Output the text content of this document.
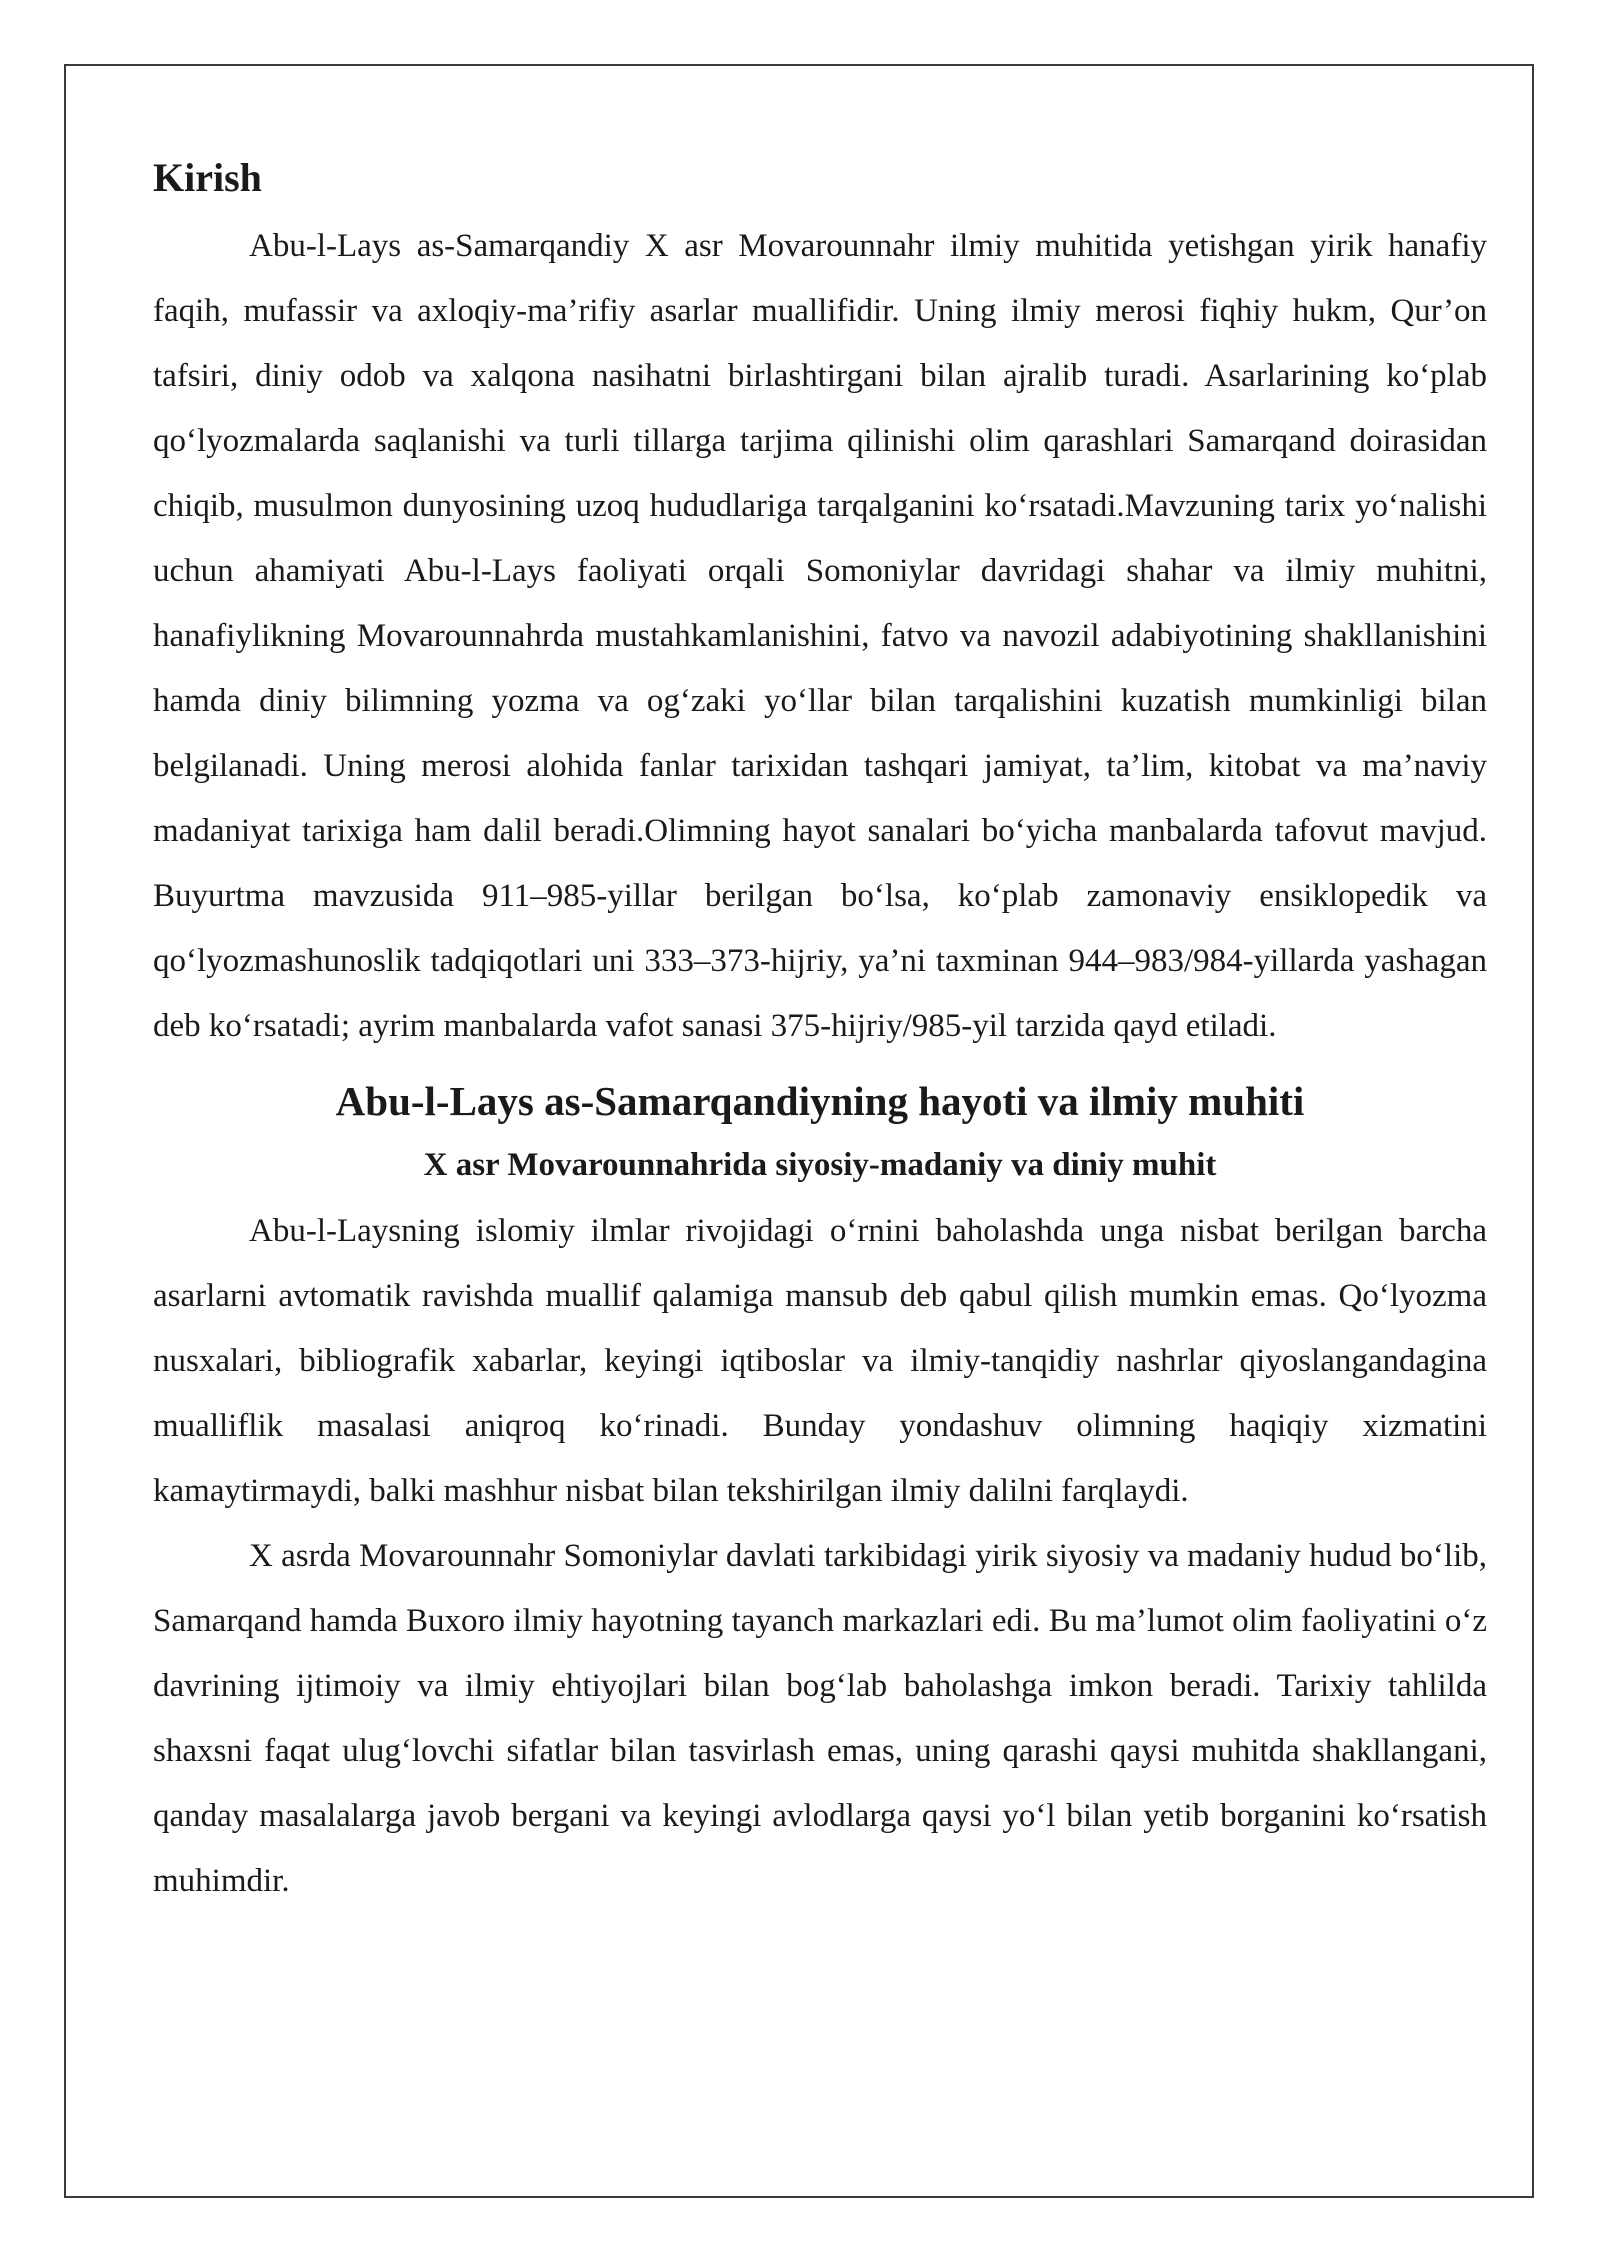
Kirish

Abu-l-Lays as-Samarqandiy X asr Movarounnahr ilmiy muhitida yetishgan yirik hanafiy faqih, mufassir va axloqiy-ma’rifiy asarlar muallifidir. Uning ilmiy merosi fiqhiy hukm, Qur’on tafsiri, diniy odob va xalqona nasihatni birlashtirgani bilan ajralib turadi. Asarlarining ko‘plab qo‘lyozmalarda saqlanishi va turli tillarga tarjima qilinishi olim qarashlari Samarqand doirasidan chiqib, musulmon dunyosining uzoq hududlariga tarqalganini ko‘rsatadi.Mavzuning tarix yo‘nalishi uchun ahamiyati Abu-l-Lays faoliyati orqali Somoniylar davridagi shahar va ilmiy muhitni, hanafiylikning Movarounnahrda mustahkamlanishini, fatvo va navozil adabiyotining shakllanishini hamda diniy bilimning yozma va og‘zaki yo‘llar bilan tarqalishini kuzatish mumkinligi bilan belgilanadi. Uning merosi alohida fanlar tarixidan tashqari jamiyat, ta’lim, kitobat va ma’naviy madaniyat tarixiga ham dalil beradi.Olimning hayot sanalari bo‘yicha manbalarda tafovut mavjud. Buyurtma mavzusida 911–985-yillar berilgan bo‘lsa, ko‘plab zamonaviy ensiklopedik va qo‘lyozmashunoslik tadqiqotlari uni 333–373-hijriy, ya’ni taxminan 944–983/984-yillarda yashagan deb ko‘rsatadi; ayrim manbalarda vafot sanasi 375-hijriy/985-yil tarzida qayd etiladi.

Abu-l-Lays as-Samarqandiyning hayoti va ilmiy muhiti
X asr Movarounnahrida siyosiy-madaniy va diniy muhit

Abu-l-Laysning islomiy ilmlar rivojidagi o‘rnini baholashda unga nisbat berilgan barcha asarlarni avtomatik ravishda muallif qalamiga mansub deb qabul qilish mumkin emas. Qo‘lyozma nusxalari, bibliografik xabarlar, keyingi iqtiboslar va ilmiy-tanqidiy nashrlar qiyoslangandagina mualliflik masalasi aniqroq ko‘rinadi. Bunday yondashuv olimning haqiqiy xizmatini kamaytirmaydi, balki mashhur nisbat bilan tekshirilgan ilmiy dalilni farqlaydi.

X asrda Movarounnahr Somoniylar davlati tarkibidagi yirik siyosiy va madaniy hudud bo‘lib, Samarqand hamda Buxoro ilmiy hayotning tayanch markazlari edi. Bu ma’lumot olim faoliyatini o‘z davrining ijtimoiy va ilmiy ehtiyojlari bilan bog‘lab baholashga imkon beradi. Tarixiy tahlilda shaxsni faqat ulug‘lovchi sifatlar bilan tasvirlash emas, uning qarashi qaysi muhitda shakllangani, qanday masalalarga javob bergani va keyingi avlodlarga qaysi yo‘l bilan yetib borganini ko‘rsatish muhimdir.
